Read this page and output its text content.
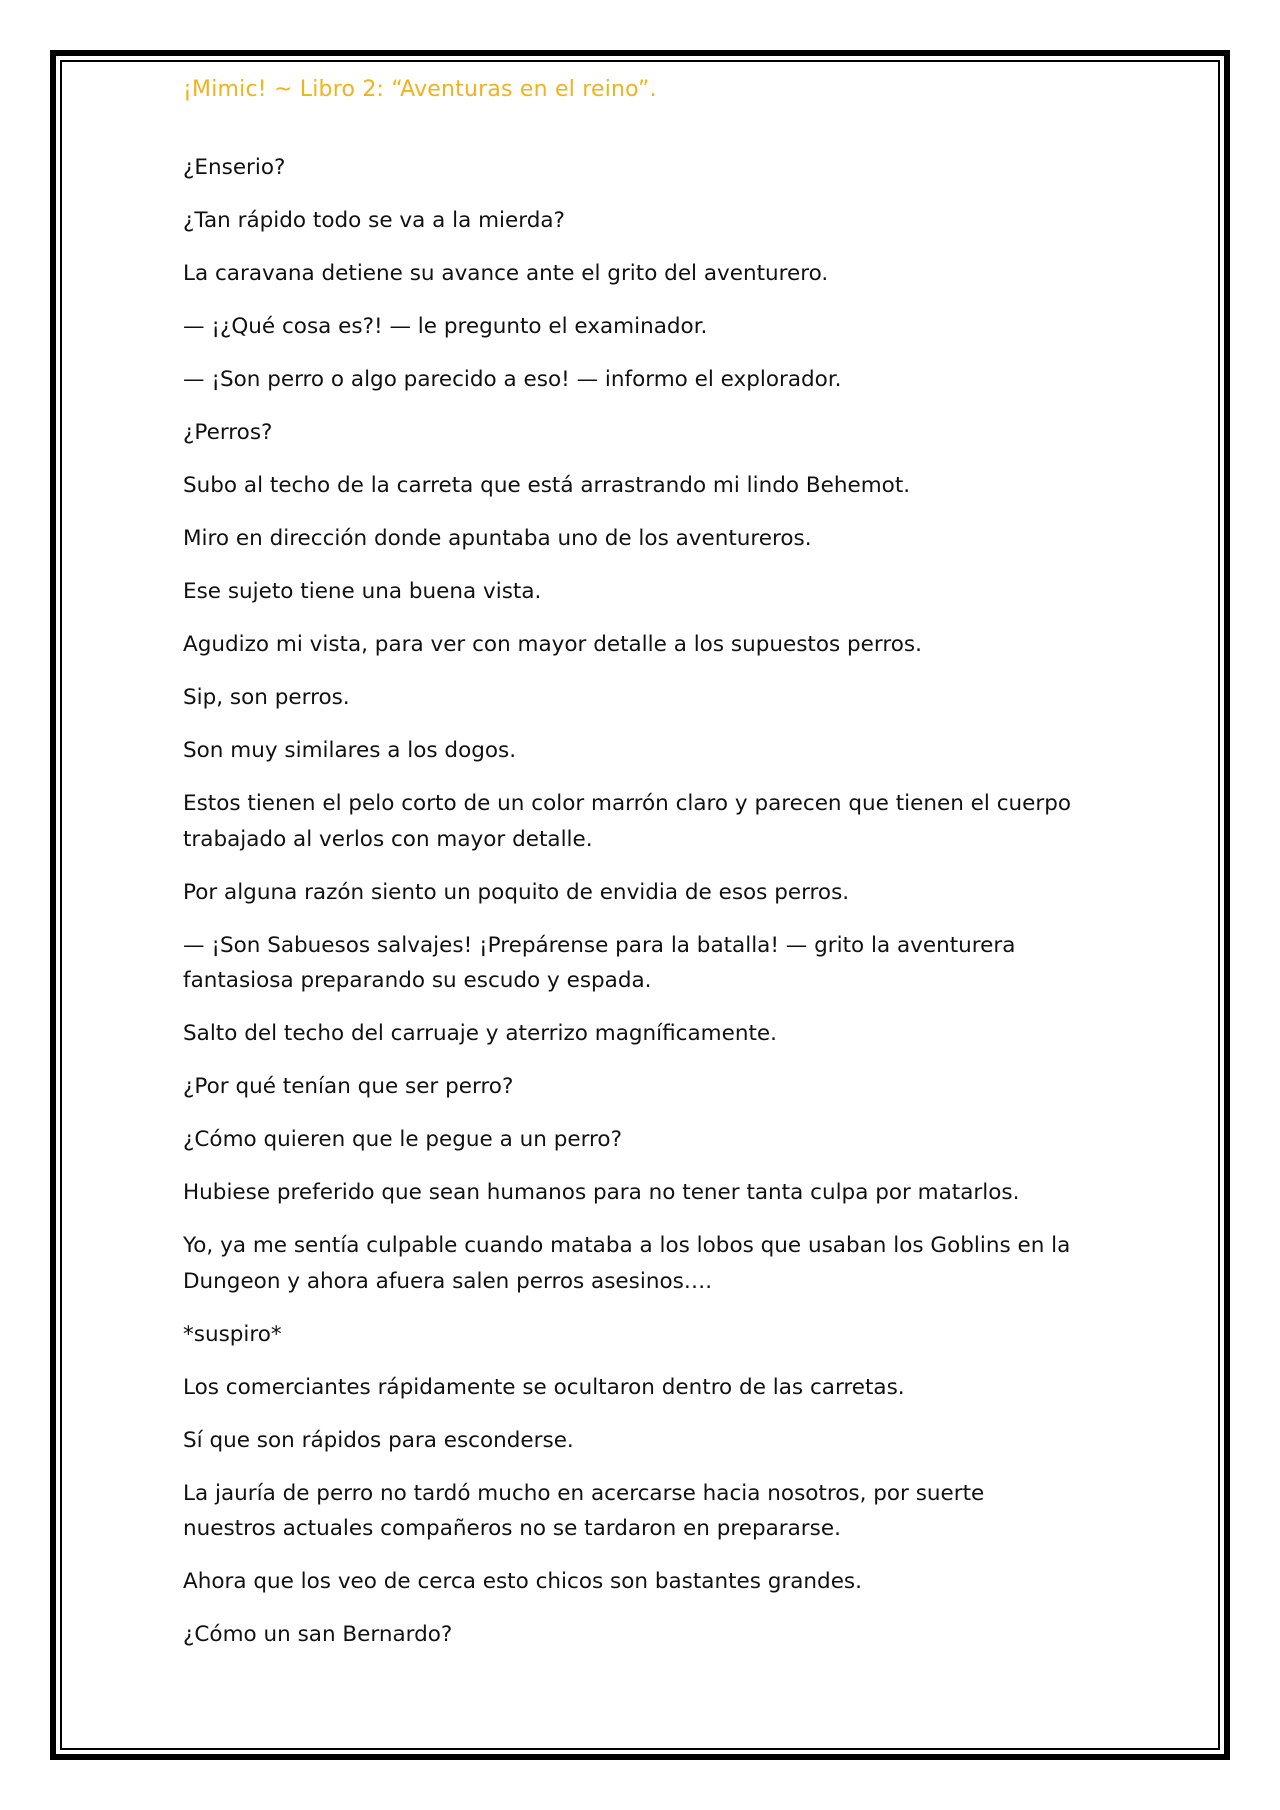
¡Mimic! ~ Libro 2: “Aventuras en el reino”.

¿Enserio?

¿Tan rápido todo se va a la mierda?

La caravana detiene su avance ante el grito del aventurero.

— ¡¿Qué cosa es?! — le pregunto el examinador.

— ¡Son perro o algo parecido a eso! — informo el explorador.

¿Perros?

Subo al techo de la carreta que está arrastrando mi lindo Behemot.

Miro en dirección donde apuntaba uno de los aventureros.

Ese sujeto tiene una buena vista.

Agudizo mi vista, para ver con mayor detalle a los supuestos perros.

Sip, son perros.

Son muy similares a los dogos.

Estos tienen el pelo corto de un color marrón claro y parecen que tienen el cuerpo trabajado al verlos con mayor detalle.

Por alguna razón siento un poquito de envidia de esos perros.

— ¡Son Sabuesos salvajes! ¡Prepárense para la batalla! — grito la aventurera fantasiosa preparando su escudo y espada.

Salto del techo del carruaje y aterrizo magníficamente.

¿Por qué tenían que ser perro?

¿Cómo quieren que le pegue a un perro?

Hubiese preferido que sean humanos para no tener tanta culpa por matarlos.

Yo, ya me sentía culpable cuando mataba a los lobos que usaban los Goblins en la Dungeon y ahora afuera salen perros asesinos….

*suspiro*

Los comerciantes rápidamente se ocultaron dentro de las carretas.

Sí que son rápidos para esconderse.

La jauría de perro no tardó mucho en acercarse hacia nosotros, por suerte nuestros actuales compañeros no se tardaron en prepararse.

Ahora que los veo de cerca esto chicos son bastantes grandes.

¿Cómo un san Bernardo?
